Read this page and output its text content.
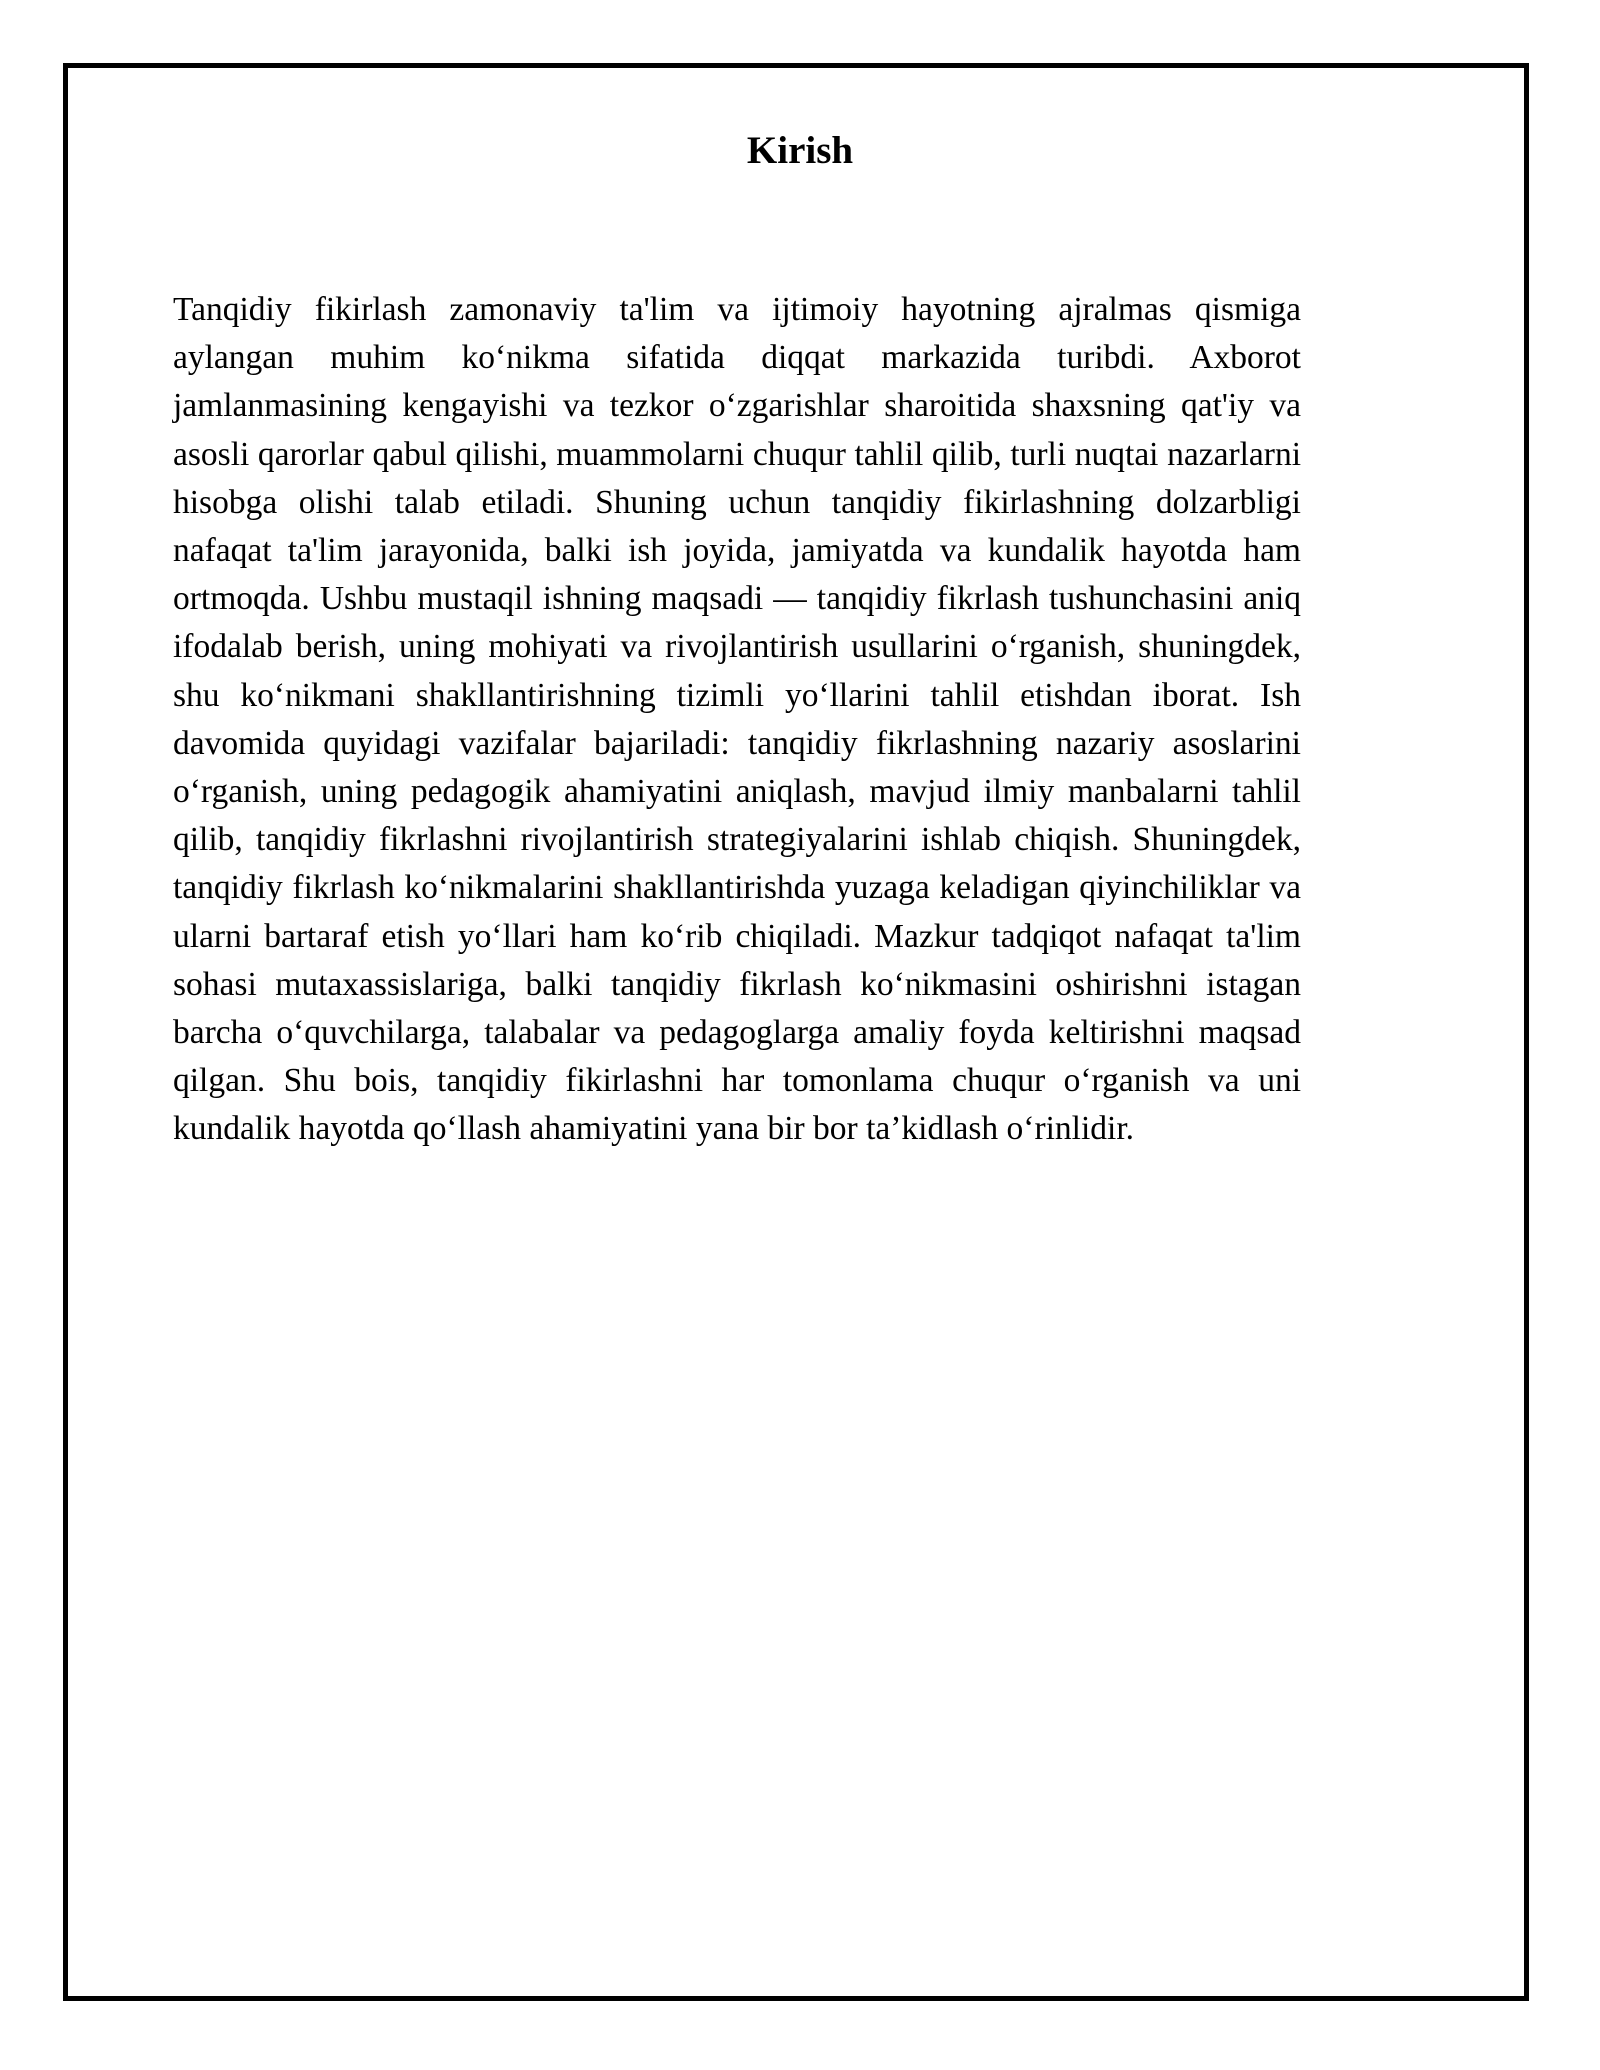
Kirish

Tanqidiy fikirlash zamonaviy ta'lim va ijtimoiy hayotning ajralmas qismiga aylangan muhim ko‘nikma sifatida diqqat markazida turibdi. Axborot jamlanmasining kengayishi va tezkor o‘zgarishlar sharoitida shaxsning qat'iy va asosli qarorlar qabul qilishi, muammolarni chuqur tahlil qilib, turli nuqtai nazarlarni hisobga olishi talab etiladi. Shuning uchun tanqidiy fikirlashning dolzarbligi nafaqat ta'lim jarayonida, balki ish joyida, jamiyatda va kundalik hayotda ham ortmoqda. Ushbu mustaqil ishning maqsadi — tanqidiy fikrlash tushunchasini aniq ifodalab berish, uning mohiyati va rivojlantirish usullarini o‘rganish, shuningdek, shu ko‘nikmani shakllantirishning tizimli yo‘llarini tahlil etishdan iborat. Ish davomida quyidagi vazifalar bajariladi: tanqidiy fikrlashning nazariy asoslarini o‘rganish, uning pedagogik ahamiyatini aniqlash, mavjud ilmiy manbalarni tahlil qilib, tanqidiy fikrlashni rivojlantirish strategiyalarini ishlab chiqish. Shuningdek, tanqidiy fikrlash ko‘nikmalarini shakllantirishda yuzaga keladigan qiyinchiliklar va ularni bartaraf etish yo‘llari ham ko‘rib chiqiladi. Mazkur tadqiqot nafaqat ta'lim sohasi mutaxassislariga, balki tanqidiy fikrlash ko‘nikmasini oshirishni istagan barcha o‘quvchilarga, talabalar va pedagoglarga amaliy foyda keltirishni maqsad qilgan. Shu bois, tanqidiy fikirlashni har tomonlama chuqur o‘rganish va uni kundalik hayotda qo‘llash ahamiyatini yana bir bor ta’kidlash o‘rinlidir.
